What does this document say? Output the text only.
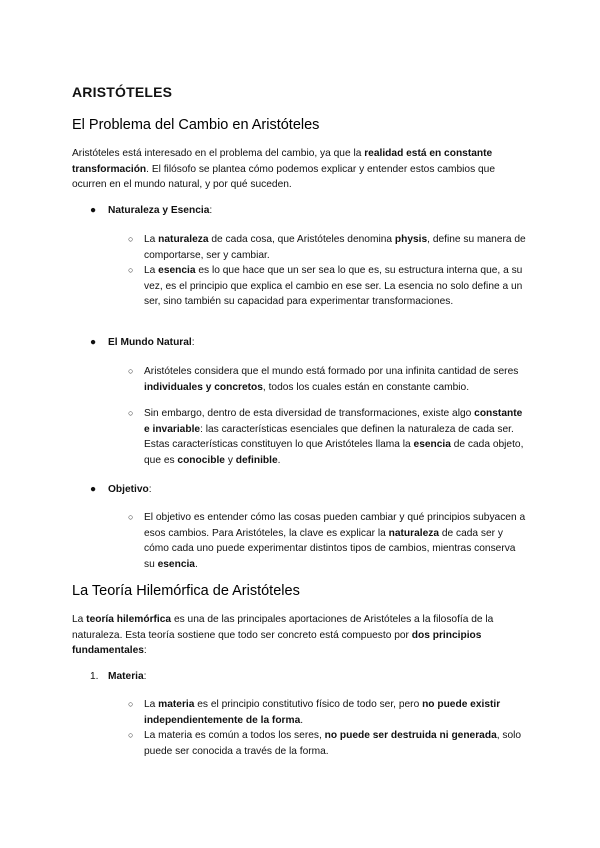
ARISTÓTELES
El Problema del Cambio en Aristóteles

Aristóteles está interesado en el problema del cambio, ya que la realidad está en constante transformación. El filósofo se plantea cómo podemos explicar y entender estos cambios que ocurren en el mundo natural, y por qué suceden.

● Naturaleza y Esencia:
○ La naturaleza de cada cosa, que Aristóteles denomina physis, define su manera de comportarse, ser y cambiar.
○ La esencia es lo que hace que un ser sea lo que es, su estructura interna que, a su vez, es el principio que explica el cambio en ese ser. La esencia no solo define a un ser, sino también su capacidad para experimentar transformaciones.
● El Mundo Natural:
○ Aristóteles considera que el mundo está formado por una infinita cantidad de seres individuales y concretos, todos los cuales están en constante cambio.
○ Sin embargo, dentro de esta diversidad de transformaciones, existe algo constante e invariable: las características esenciales que definen la naturaleza de cada ser. Estas características constituyen lo que Aristóteles llama la esencia de cada objeto, que es conocible y definible.
● Objetivo:
○ El objetivo es entender cómo las cosas pueden cambiar y qué principios subyacen a esos cambios. Para Aristóteles, la clave es explicar la naturaleza de cada ser y cómo cada uno puede experimentar distintos tipos de cambios, mientras conserva su esencia.
La Teoría Hilemórfica de Aristóteles

La teoría hilemórfica es una de las principales aportaciones de Aristóteles a la filosofía de la naturaleza. Esta teoría sostiene que todo ser concreto está compuesto por dos principios fundamentales:

1. Materia:
○ La materia es el principio constitutivo físico de todo ser, pero no puede existir independientemente de la forma.
○ La materia es común a todos los seres, no puede ser destruida ni generada, solo puede ser conocida a través de la forma.
